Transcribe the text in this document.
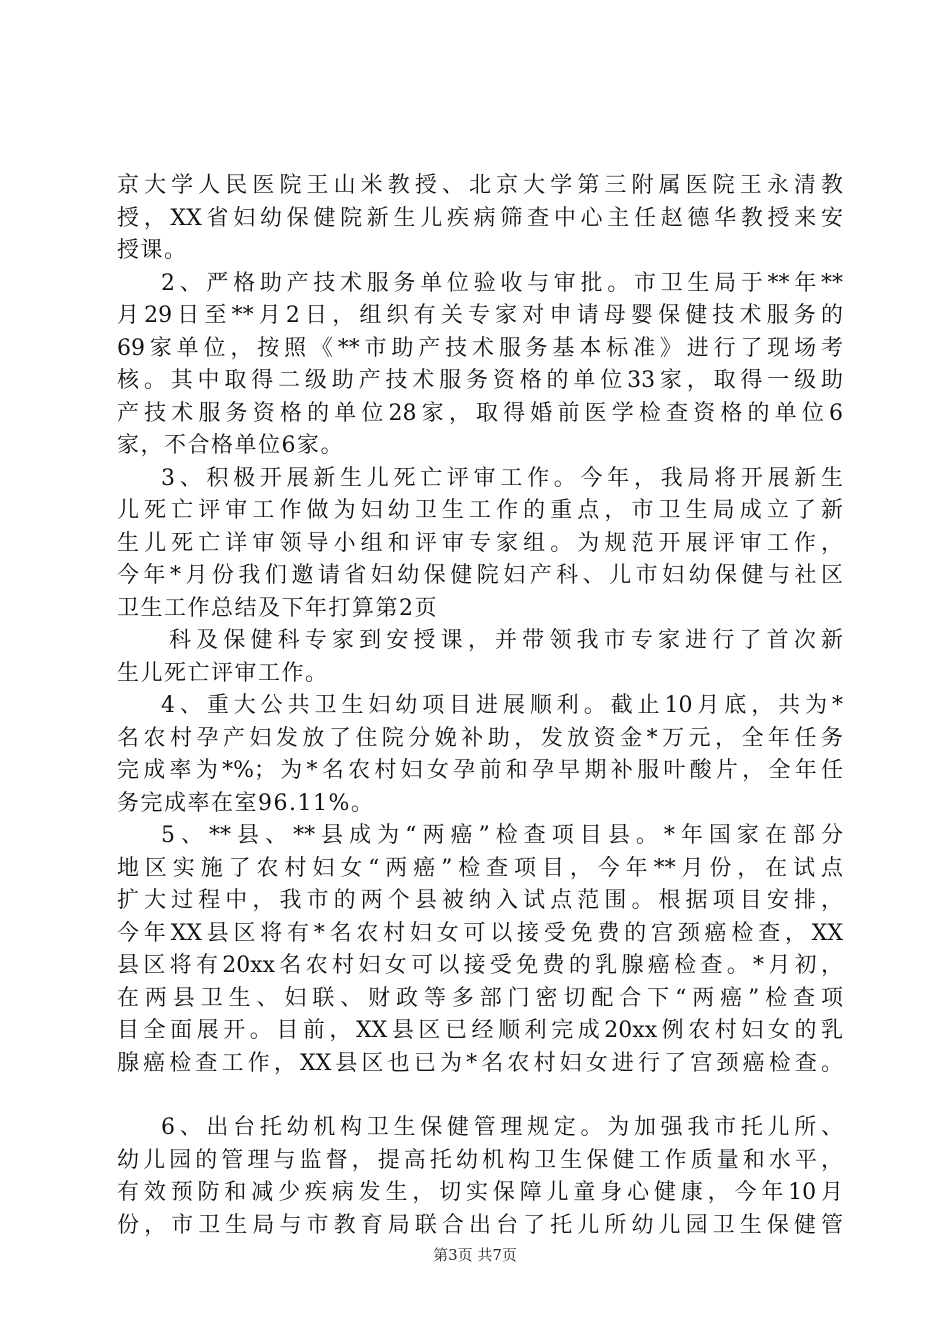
京大学人民医院王山米教授、北京大学第三附属医院王永清教
授，XX省妇幼保健院新生儿疾病筛查中心主任赵德华教授来安
授课。
2、严格助产技术服务单位验收与审批。市卫生局于**年**
月29日至**月2日，组织有关专家对申请母婴保健技术服务的
69家单位，按照《**市助产技术服务基本标准》进行了现场考
核。其中取得二级助产技术服务资格的单位33家，取得一级助
产技术服务资格的单位28家，取得婚前医学检查资格的单位6
家，不合格单位6家。
3、积极开展新生儿死亡评审工作。今年，我局将开展新生
儿死亡评审工作做为妇幼卫生工作的重点，市卫生局成立了新
生儿死亡详审领导小组和评审专家组。为规范开展评审工作，
今年*月份我们邀请省妇幼保健院妇产科、儿市妇幼保健与社区
卫生工作总结及下年打算第2页
科及保健科专家到安授课，并带领我市专家进行了首次新
生儿死亡评审工作。
4、重大公共卫生妇幼项目进展顺利。截止10月底，共为*
名农村孕产妇发放了住院分娩补助，发放资金*万元，全年任务
完成率为*%；为*名农村妇女孕前和孕早期补服叶酸片，全年任
务完成率在室96.11%。
5、**县、**县成为“两癌”检查项目县。*年国家在部分
地区实施了农村妇女“两癌”检查项目，今年**月份，在试点
扩大过程中，我市的两个县被纳入试点范围。根据项目安排，
今年XX县区将有*名农村妇女可以接受免费的宫颈癌检查，XX
县区将有20xx名农村妇女可以接受免费的乳腺癌检查。*月初，
在两县卫生、妇联、财政等多部门密切配合下“两癌”检查项
目全面展开。目前，XX县区已经顺利完成20xx例农村妇女的乳
腺癌检查工作，XX县区也已为*名农村妇女进行了宫颈癌检查。
6、出台托幼机构卫生保健管理规定。为加强我市托儿所、
幼儿园的管理与监督，提高托幼机构卫生保健工作质量和水平，
有效预防和减少疾病发生，切实保障儿童身心健康，今年10月
份，市卫生局与市教育局联合出台了托儿所幼儿园卫生保健管
第3页 共7页
